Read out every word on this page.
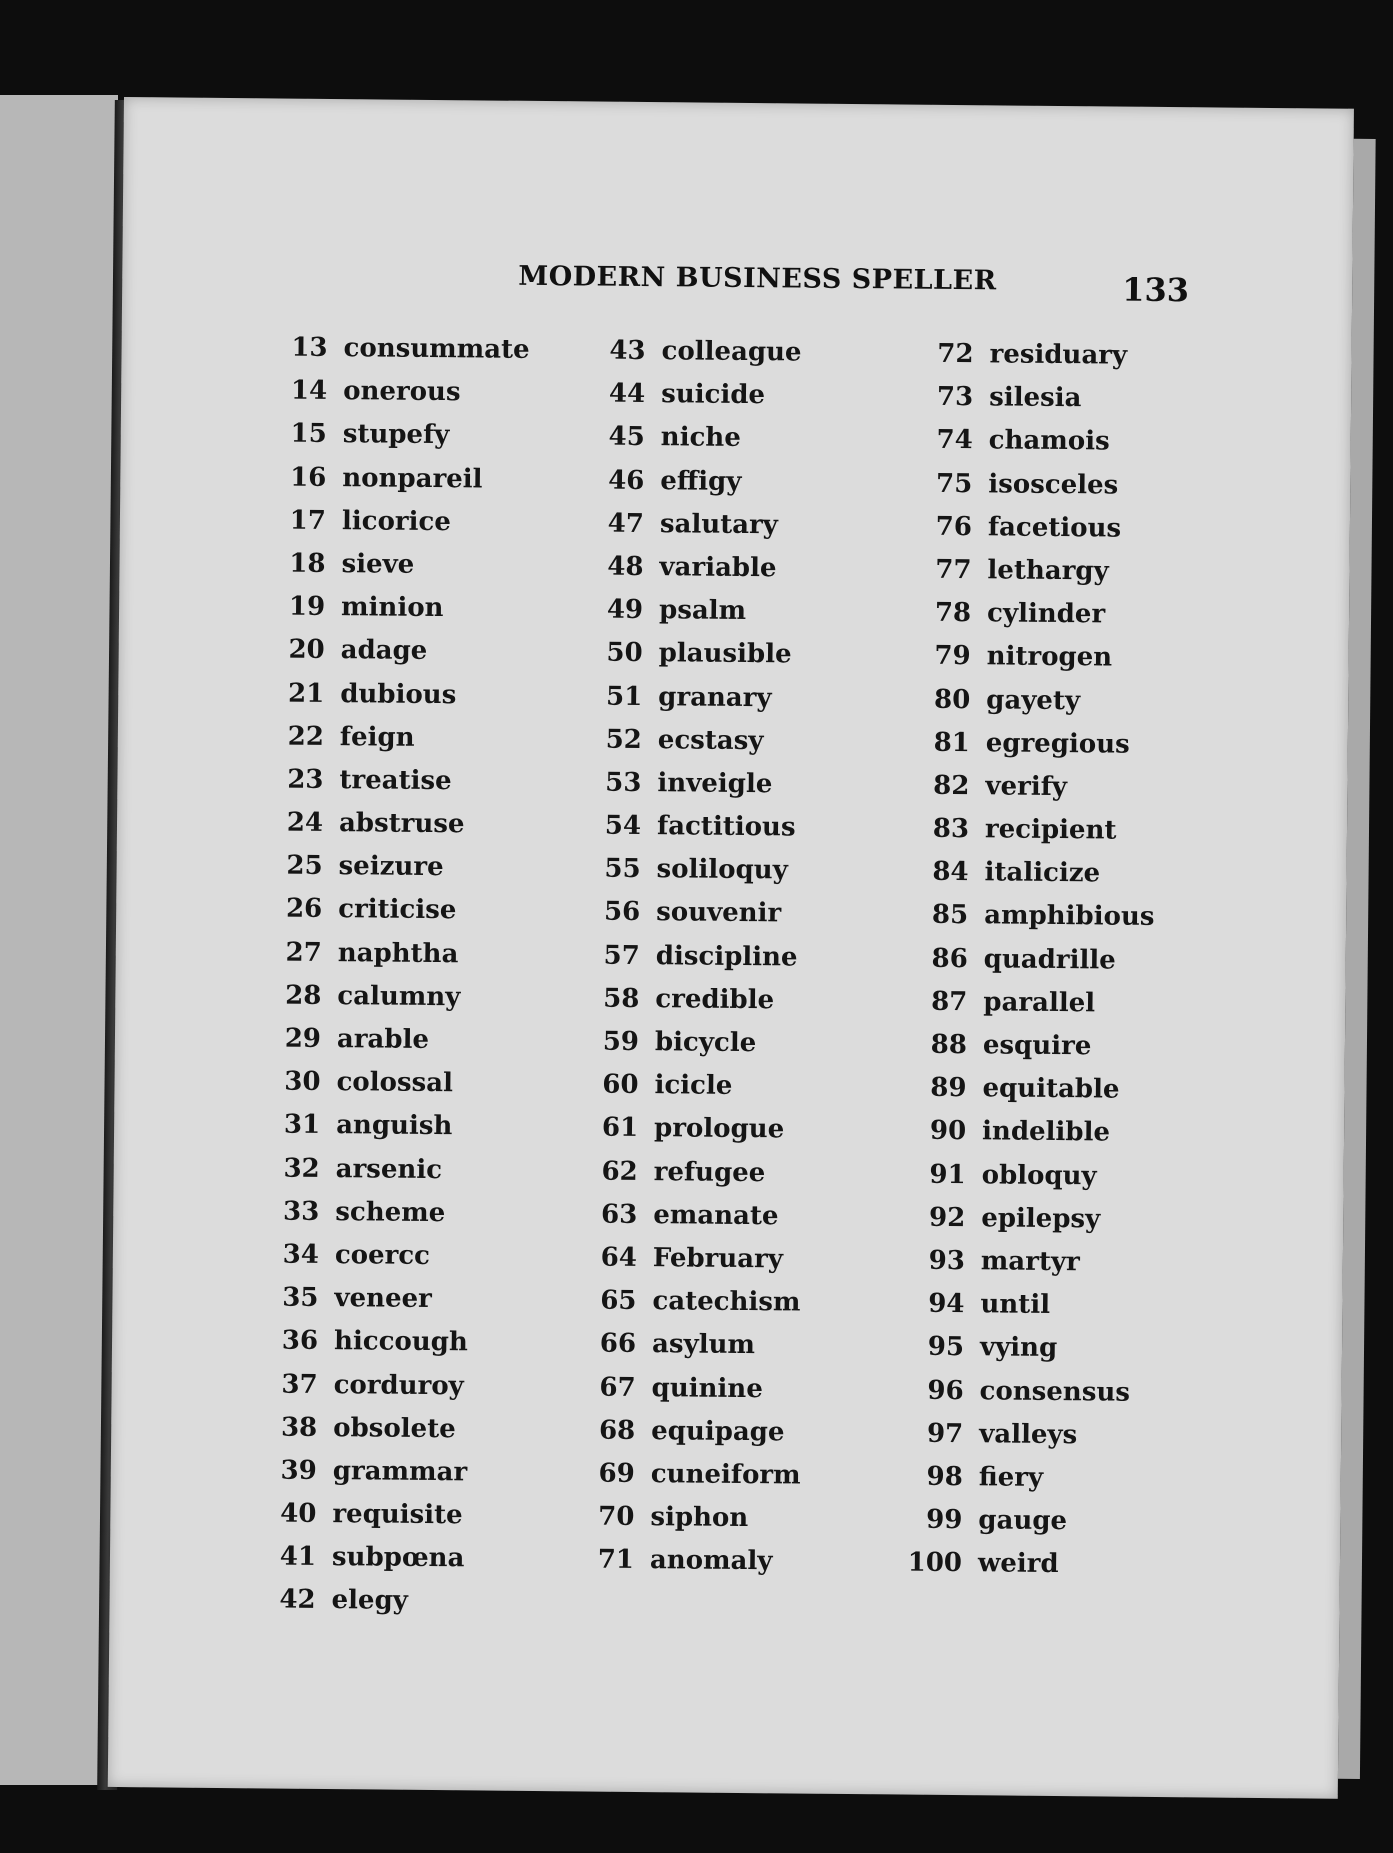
MODERN BUSINESS SPELLER	133
13 consummate
14 onerous
15 stupefy
16 nonpareil
17 licorice
18 sieve
19 minion
20 adage
21 dubious
22 feign
23 treatise
24 abstruse
25 seizure
26 criticise
27 naphtha
28 calumny
29 arable
30 colossal
31 anguish
32 arsenic
33 scheme
34 coercc
35 veneer
36 hiccough
37 corduroy
38 obsolete
39 grammar
40 requisite
41 subpœna
42 elegy
43 colleague
44 suicide
45 niche
46 effigy
47 salutary
48 variable
49 psalm
50 plausible
51 granary
52 ecstasy
53 inveigle
54 factitious
55 soliloquy
56 souvenir
57 discipline
58 credible
59 bicycle
60 icicle
61 prologue
62 refugee
63 emanate
64 February
65 catechism
66 asylum
67 quinine
68 equipage
69 cuneiform
70 siphon
71 anomaly
72 residuary
73 silesia
74 chamois
75 isosceles
76 facetious
77 lethargy
78 cylinder
79 nitrogen
80 gayety
81 egregious
82 verify
83 recipient
84 italicize
85 amphibious
86 quadrille
87 parallel
88 esquire
89 equitable
90 indelible
91 obloquy
92 epilepsy
93 martyr
94 until
95 vying
96 consensus
97 valleys
98 fiery
99 gauge
100 weird
